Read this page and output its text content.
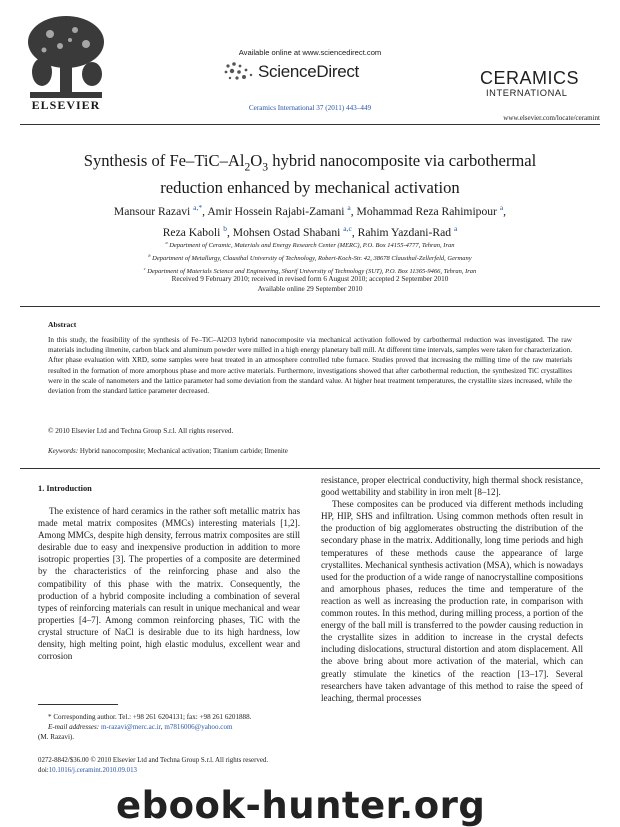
ELSEVIER
Available online at www.sciencedirect.com
ScienceDirect
Ceramics International 37 (2011) 443–449
CERAMICS
INTERNATIONAL
www.elsevier.com/locate/ceramint
Synthesis of $Fe-TiC-Al_2O_3$ hybrid nanocomposite via carbothermal
reduction enhanced by mechanical activation
Mansour Razavi $^{a,*}$, Amir Hossein Rajabi-Zamani $^a$, Mohammad Reza Rahimipour $^a$,
Reza Kaboli $^b$, Mohsen Ostad Shabani $^{a,c}$, Rahim Yazdani-Rad $^a$
$^a$ Department of Ceramic, Materials and Energy Research Center (MERC), P.O. Box 14155-4777, Tehran, Iran
$^b$ Department of Metallurgy, Clausthal University of Technology, Robert-Koch-Str. 42, 38678 Clausthal-Zellerfeld, Germany
$^c$ Department of Materials Science and Engineering, Sharif University of Technology (SUT), P.O. Box 11365-9466, Tehran, Iran
Received 9 February 2010; received in revised form 6 August 2010; accepted 2 September 2010
Available online 29 September 2010
Abstract
In this study, the feasibility of the synthesis of Fe–TiC–Al2O3 hybrid nanocomposite via mechanical activation followed by carbothermal reduction was investigated. The raw materials including ilmenite, carbon black and aluminum powder were milled in a high energy planetary ball mill. At different time intervals, samples were taken for characterization. After phase evaluation with XRD, some samples were heat treated in an atmosphere controlled tube furnace. Studies proved that increasing the milling time of the raw materials resulted in the formation of more amorphous phase and more active materials. Furthermore, investigations showed that after carbothermal reduction, the synthesized TiC crystallites were in the scale of nanometers and the lattice parameter had some deviation from the standard value. At higher heat treatment temperatures, the crystallite sizes increased, while the deviation from the standard lattice parameter decreased.
© 2010 Elsevier Ltd and Techna Group S.r.l. All rights reserved.
Keywords: Hybrid nanocomposite; Mechanical activation; Titanium carbide; Ilmenite
1. Introduction

The existence of hard ceramics in the rather soft metallic matrix has made metal matrix composites (MMCs) interesting materials [1,2]. Among MMCs, despite high density, ferrous matrix composites are still desirable due to easy and inexpensive production in addition to more isotropic properties [3]. The properties of a composite are determined by the characteristics of the reinforcing phase and also the compatibility of this phase with the matrix. Consequently, the production of a hybrid composite including a combination of several types of reinforcing materials can result in unique mechanical and wear properties [4–7]. Among common reinforcing phases, TiC with the crystal structure of NaCl is desirable due to its high hardness, low density, high melting point, high elastic modulus, excellent wear and corrosion

resistance, proper electrical conductivity, high thermal shock resistance, good wettability and stability in iron melt [8–12].

These composites can be produced via different methods including HP, HIP, SHS and infiltration. Using common methods often result in the production of big agglomerates obstructing the distribution of the secondary phase in the matrix. Additionally, long time periods and high temperatures of these methods cause the appearance of large crystallites. Mechanical synthesis activation (MSA), which is nowadays used for the production of a wide range of nanocrystalline compositions and amorphous phases, reduces the time and temperature of the reaction as well as increasing the production rate, in comparison with common routes. In this method, during milling process, a portion of the energy of the ball mill is transferred to the powder causing reduction in the crystallite sizes in addition to increase in the crystal defects including dislocations, structural distortion and atom displacement. All the above bring about more activation of the material, which can greatly stimulate the kinetics of the reaction [13–17]. Several researchers have taken advantage of this method to raise the speed of leaching, thermal processes

* Corresponding author. Tel.: +98 261 6204131; fax: +98 261 6201888.
E-mail addresses: m-razavi@merc.ac.ir, m7816006@yahoo.com
(M. Razavi).
0272-8842/$36.00 © 2010 Elsevier Ltd and Techna Group S.r.l. All rights reserved.
doi:10.1016/j.ceramint.2010.09.013
ebook-hunter.org
